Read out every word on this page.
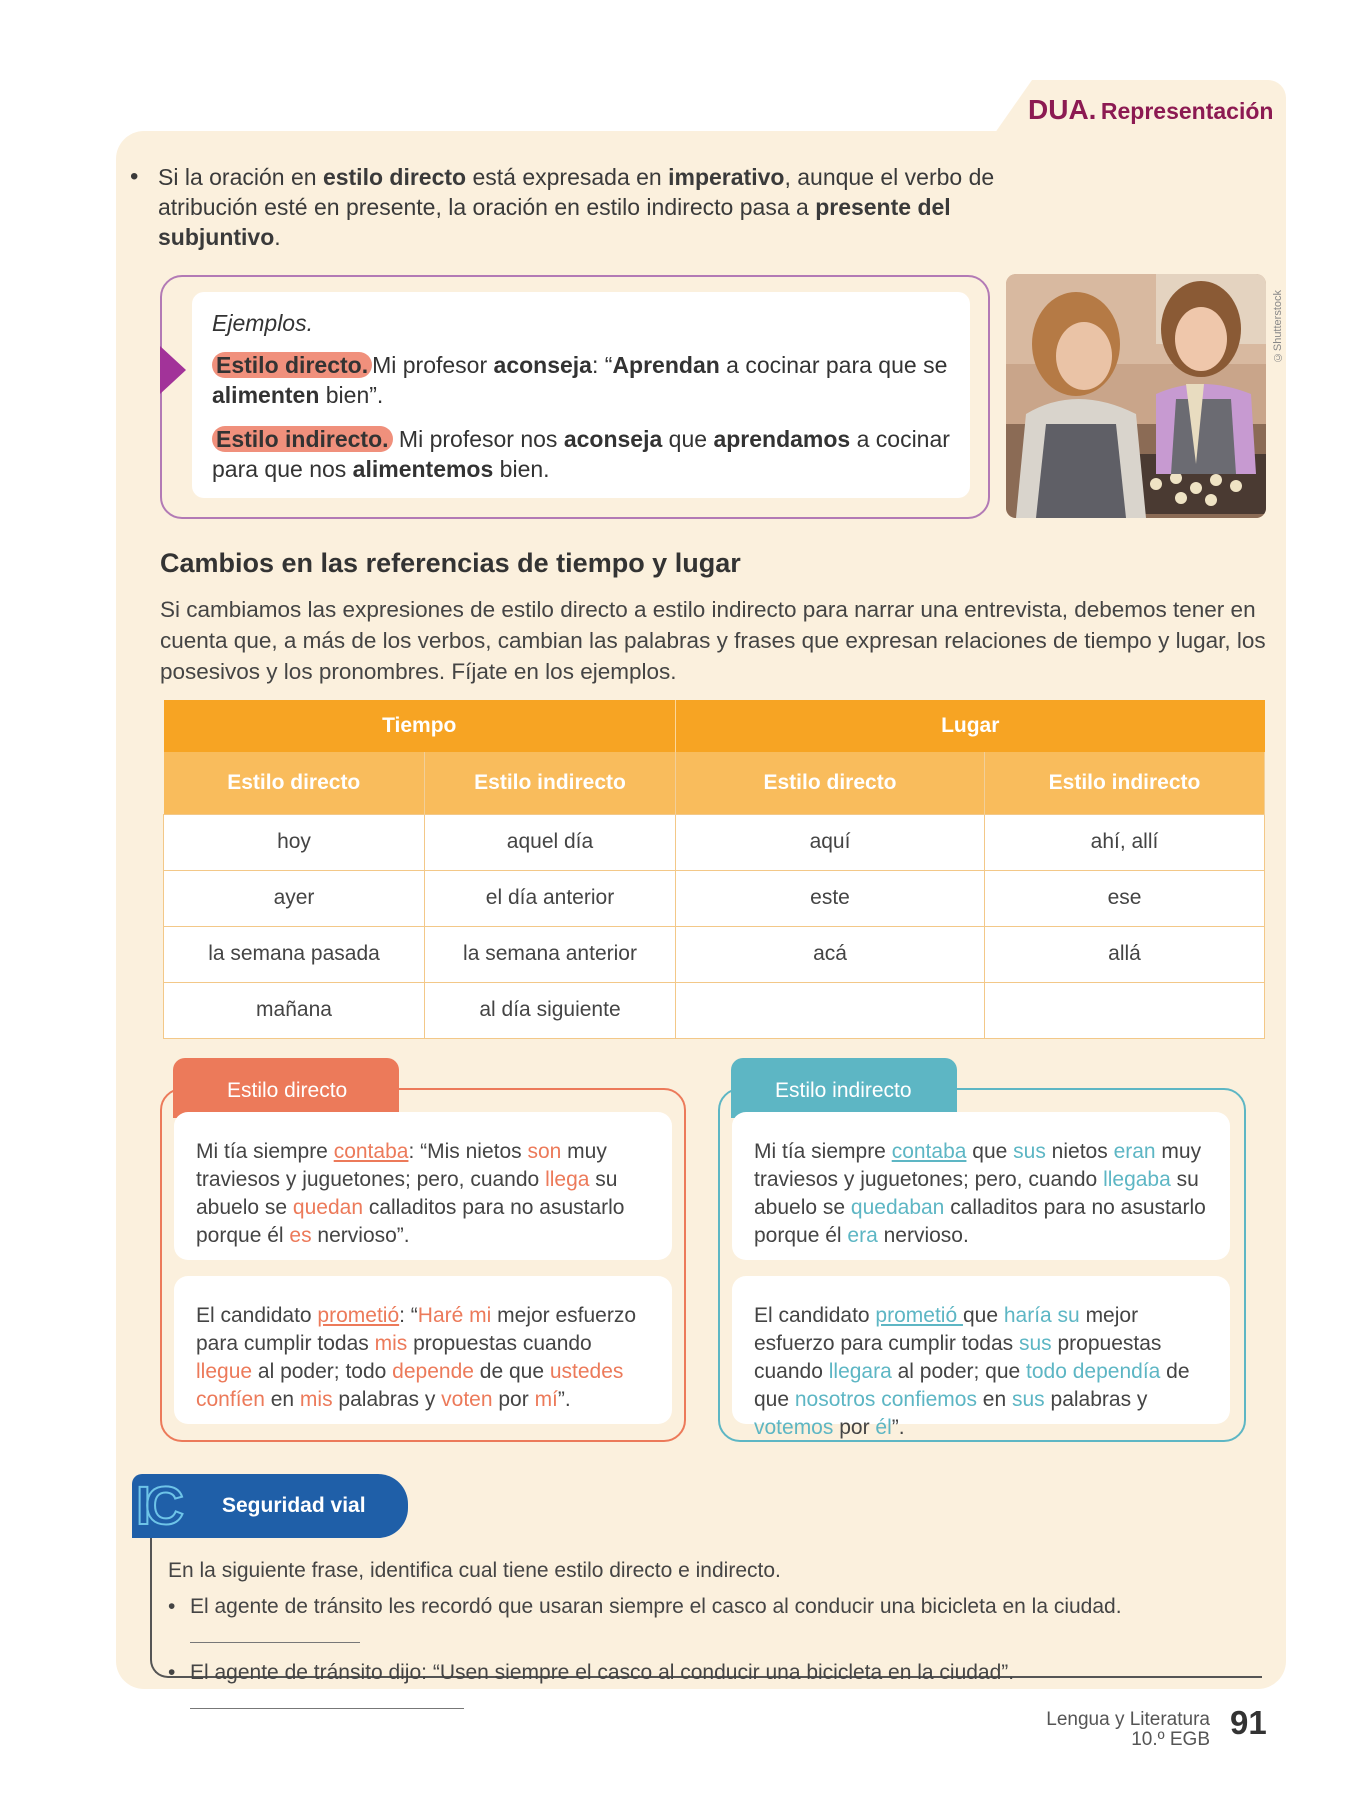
DUA. Representación
• Si la oración en estilo directo está expresada en imperativo, aunque el verbo de atribución esté en presente, la oración en estilo indirecto pasa a presente del subjuntivo.

Ejemplos.
Estilo directo. Mi profesor aconseja: “Aprendan a cocinar para que se alimenten bien”.
Estilo indirecto. Mi profesor nos aconseja que aprendamos a cocinar para que nos alimentemos bien.
©Shutterstock
Cambios en las referencias de tiempo y lugar
Si cambiamos las expresiones de estilo directo a estilo indirecto para narrar una entrevista, debemos tener en cuenta que, a más de los verbos, cambian las palabras y frases que expresan relaciones de tiempo y lugar, los posesivos y los pronombres. Fíjate en los ejemplos.
Tiempo		Lugar	
Estilo directo	Estilo indirecto	Estilo directo	Estilo indirecto
hoy	aquel día	aquí	ahí, allí
ayer	el día anterior	este	ese
la semana pasada	la semana anterior	acá	allá
mañana	al día siguiente		
Estilo directo
Mi tía siempre contaba: “Mis nietos son muy traviesos y juguetones; pero, cuando llega su abuelo se quedan calladitos para no asustarlo porque él es nervioso”.
El candidato prometió: “Haré mi mejor esfuerzo para cumplir todas mis propuestas cuando llegue al poder; todo depende de que ustedes confíen en mis palabras y voten por mí”.
Estilo indirecto
Mi tía siempre contaba que sus nietos eran muy traviesos y juguetones; pero, cuando llegaba su abuelo se quedaban calladitos para no asustarlo porque él era nervioso.
El candidato prometió que haría su mejor esfuerzo para cumplir todas sus propuestas cuando llegara al poder; que todo dependía de que nosotros confiemos en sus palabras y votemos por él”.
IC Seguridad vial
En la siguiente frase, identifica cual tiene estilo directo e indirecto.
• El agente de tránsito les recordó que usaran siempre el casco al conducir una bicicleta en la ciudad.
• El agente de tránsito dijo: “Usen siempre el casco al conducir una bicicleta en la ciudad”.
Lengua y Literatura
10.º EGB 91
